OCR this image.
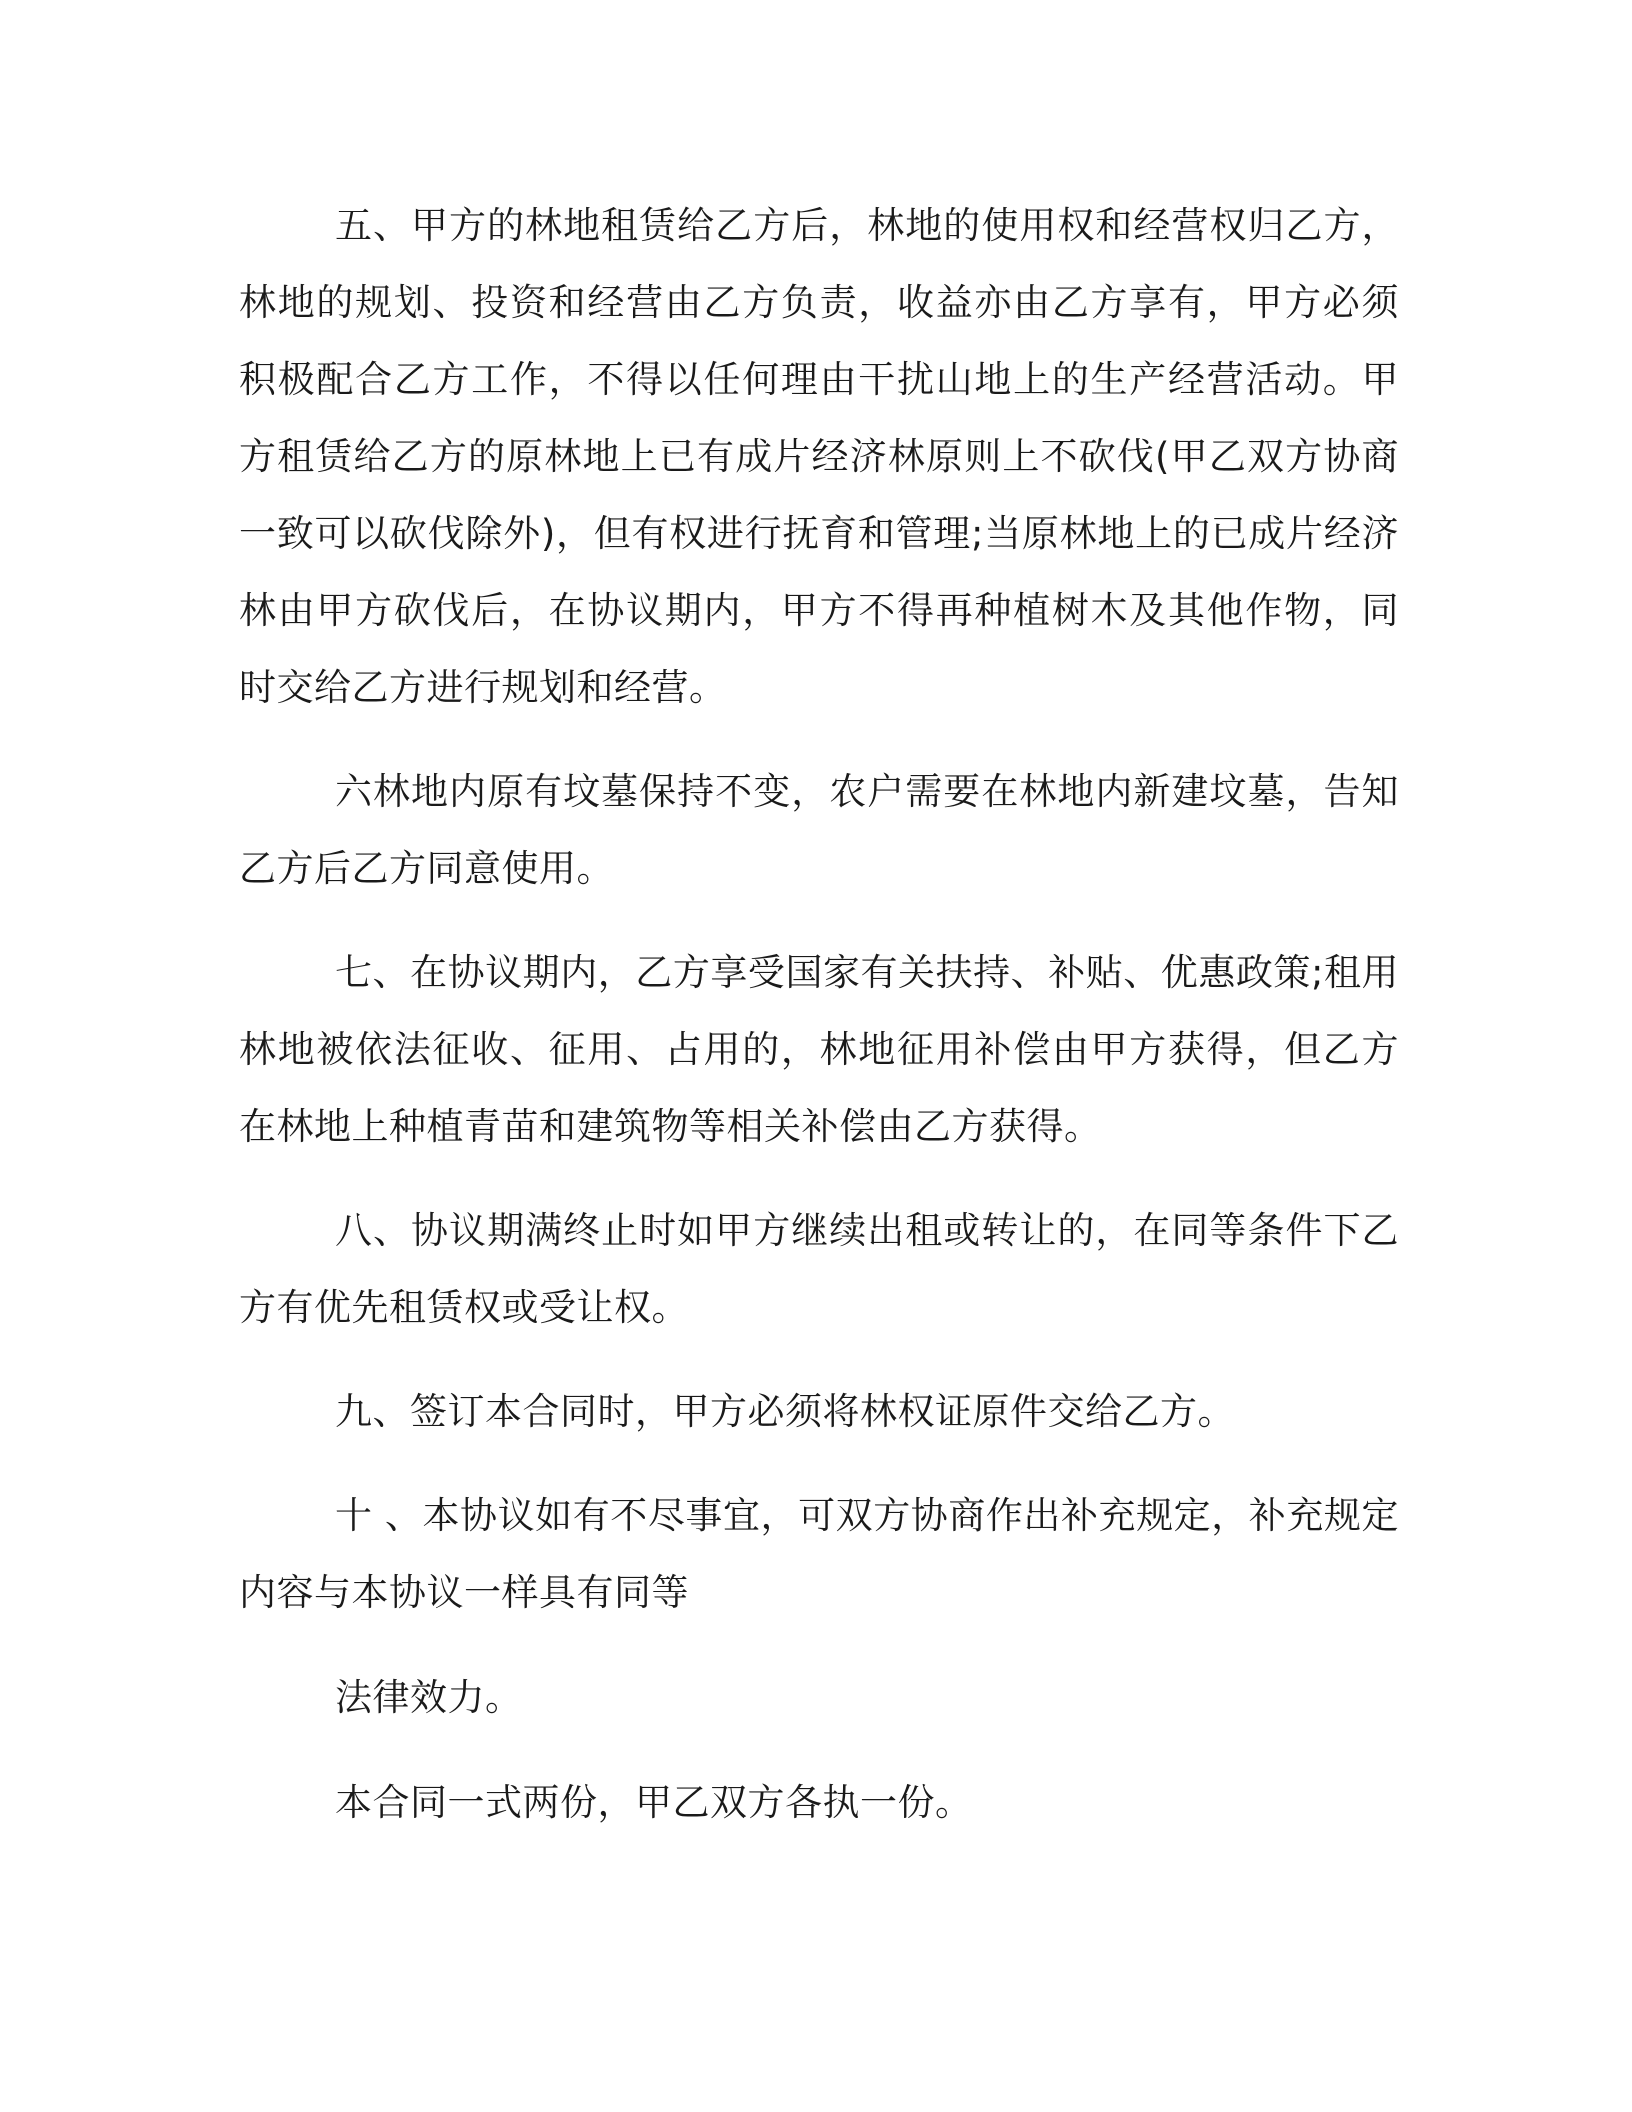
五、甲方的林地租赁给乙方后，林地的使用权和经营权归乙方，林地的规划、投资和经营由乙方负责，收益亦由乙方享有，甲方必须积极配合乙方工作，不得以任何理由干扰山地上的生产经营活动。甲方租赁给乙方的原林地上已有成片经济林原则上不砍伐(甲乙双方协商一致可以砍伐除外)，但有权进行抚育和管理;当原林地上的已成片经济林由甲方砍伐后，在协议期内，甲方不得再种植树木及其他作物，同时交给乙方进行规划和经营。

六林地内原有坟墓保持不变，农户需要在林地内新建坟墓，告知乙方后乙方同意使用。

七、在协议期内，乙方享受国家有关扶持、补贴、优惠政策;租用林地被依法征收、征用、占用的，林地征用补偿由甲方获得，但乙方在林地上种植青苗和建筑物等相关补偿由乙方获得。

八、协议期满终止时如甲方继续出租或转让的，在同等条件下乙方有优先租赁权或受让权。

九、签订本合同时，甲方必须将林权证原件交给乙方。

十 、本协议如有不尽事宜，可双方协商作出补充规定，补充规定内容与本协议一样具有同等

法律效力。

本合同一式两份，甲乙双方各执一份。
